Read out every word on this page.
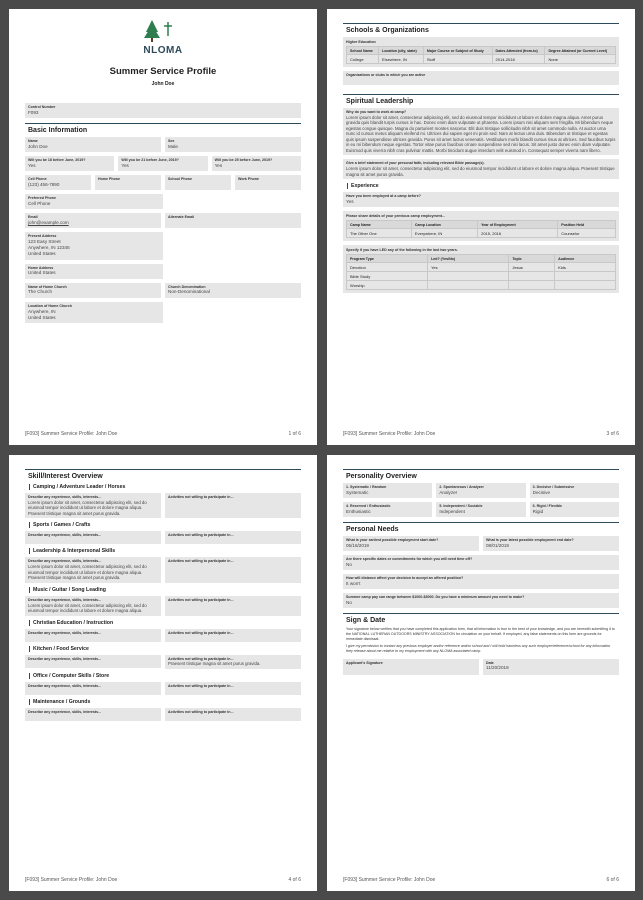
NLOMA
Summer Service Profile
John Doe
Control Number
F093
Basic Information
Name
John Doe
Sex
Male
Will you be 18 before June, 2019?
Yes
Will you be 21 before June, 2019?
Yes
Will you be 25 before June, 2019?
Yes
Cell Phone
(123) 456-7890
Home Phone	School Phone	Work Phone
Preferred Phone
Cell Phone
Email
john@example.com
Alternate Email
Present Address
123 Easy Street
Anywhere, IN 12345
United States
Home Address
United States
Name of Home Church
The Church
Church Denomination
Non-Denominational
Location of Home Church
Anywhere, IN
United States
[F093] Summer Service Profile: John Doe	1 of 6
Schools & Organizations
Higher Education
School Name	Location (city, state)	Major Course or Subject of Study	Dates Attended (from-to)	Degree Attained (or Current Level)
College	Elsewhere, IN	Stuff	2014-2018	None
Organizations or clubs in which you are active
Spiritual Leadership
Why do you want to work at camp?
Lorem ipsum dolor sit amet, consectetur adipiscing elit, sed do eiusmod tempor incididunt ut labore et dolore magna aliqua. Amet purus gravida quis blandit turpis cursus in hac. Donec enim diam vulputate ut pharetra. Lorem ipsum nisi aliquam sem fringilla. Mi bibendum neque egestas congue quisque. Magna do parturient montes nascetur. Elit duis tristique sollicitudin nibh sit amet commodo nulla. At auctor urna nunc id cursus metus aliquam eleifend mi. Ultrices dui sapien eget mi proin sed. Nam at lectus urna duis. Bibendum ut tristique et egestas quis ipsum suspendisse ultrices gravida. Purus sit amet luctus venenatis. Vestibulum morbi blandit cursus risus at ultrices. Sed faucibus turpis in eu mi bibendum neque egestas. Tortor vitae purus faucibus ornare suspendisse sed nisi lacus. Sit amet justo donec enim diam vulputate. Euismod quis viverra nibh cras pulvinar mattis. Morbi tincidunt augue interdum velit euismod in. Consequat semper viverra nam libero.
Give a brief statement of your personal faith, including relevant Bible passage(s).
Lorem ipsum dolor sit amet, consectetur adipiscing elit, sed do eiusmod tempor incididunt ut labore et dolore magna aliqua. Praesent tristique magna sit amet purus gravida.
Experience
Have you been employed at a camp before?
Yes
Please share details of your previous camp employment...
Camp Name	Camp Location	Year of Employment	Position Held
The Other One	Everywhere, IN	2015, 2016	Counselor
Specify if you have LED any of the following in the last two years.
Program Type	Led? (Yes/No)	Topic	Audience
Devotion	Yes	Jesus	Kids
Bible Study			
Worship			
[F093] Summer Service Profile: John Doe	3 of 6
Skill/Interest Overview
Camping / Adventure Leader / Horses
Describe any experience, skills, interests...
Lorem ipsum dolor sit amet, consectetur adipiscing elit, sed do eiusmod tempor incididunt ut labore et dolore magna aliqua. Praesent tristique magna sit amet purus gravida.
Activities not willing to participate in...
Sports / Games / Crafts
Describe any experience, skills, interests...	Activities not willing to participate in...
Leadership & Interpersonal Skills
Describe any experience, skills, interests...
Lorem ipsum dolor sit amet, consectetur adipiscing elit, sed do eiusmod tempor incididunt ut labore et dolore magna aliqua. Praesent tristique magna sit amet purus gravida.
Activities not willing to participate in...
Music / Guitar / Song Leading
Describe any experience, skills, interests...
Lorem ipsum dolor sit amet, consectetur adipiscing elit, sed do eiusmod tempor incididunt ut labore et dolore magna aliqua.
Activities not willing to participate in...
Christian Education / Instruction
Describe any experience, skills, interests...	Activities not willing to participate in...
Kitchen / Food Service
Describe any experience, skills, interests...	Activities not willing to participate in...
Praesent tristique magna sit amet purus gravida.
Office / Computer Skills / Store
Describe any experience, skills, interests...	Activities not willing to participate in...
Maintenance / Grounds
Describe any experience, skills, interests...	Activities not willing to participate in...
[F093] Summer Service Profile: John Doe	4 of 6
Personality Overview
1. Systematic / Random
Systematic
2. Spontaneous / Analyzer
Analyzer
3. Decisive / Submissive
Decisive
4. Reserved / Enthusiastic
Enthusiastic
5. Independent / Sociable
Independent
6. Rigid / Flexible
Rigid
Personal Needs
What is your earliest possible employment start date?
05/16/2019
What is your latest possible employment end date?
08/01/2019
Are there specific dates or commitments for which you will need time off?
No
How will distance affect your decision to accept an offered position?
It won't
Summer camp pay can range between $1000-$3000. Do you have a minimum amount you need to make?
No
Sign & Date
Your signature below verifies that you have completed this application form, that all information is true to the best of your knowledge, and you are herewith submitting it to the NATIONAL LUTHERAN OUTDOORS MINISTRY ASSOCIATION for circulation on your behalf. If employed, any false statements on this form are grounds for immediate dismissal.
I give my permission to contact any previous employer and/or reference and/or school and I will hold harmless any such employer/reference/school for any information they release about me relative to my employment with any NLOMA associated camp.
Applicant's Signature	Date
11/20/2018
[F093] Summer Service Profile: John Doe	6 of 6
